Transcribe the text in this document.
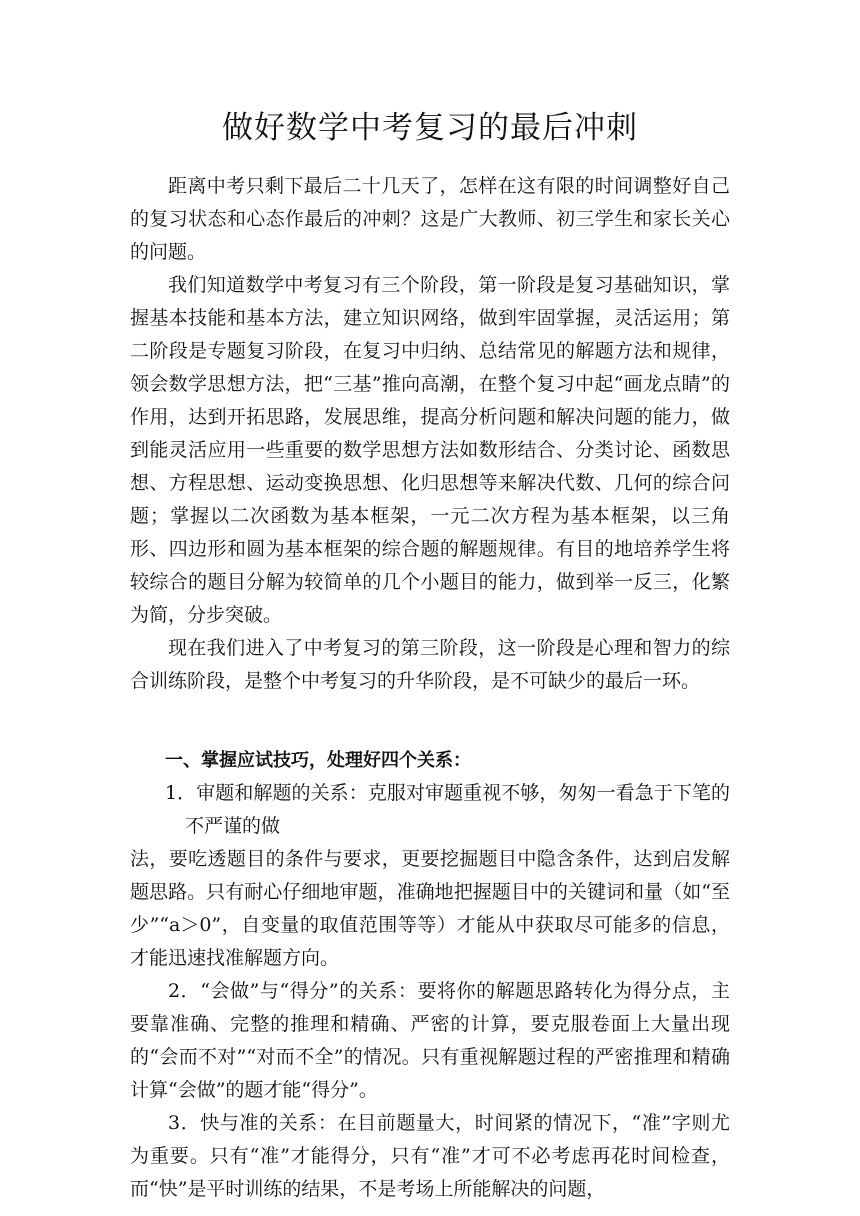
做好数学中考复习的最后冲刺

距离中考只剩下最后二十几天了，怎样在这有限的时间调整好自己的复习状态和心态作最后的冲刺？这是广大教师、初三学生和家长关心的问题。

我们知道数学中考复习有三个阶段，第一阶段是复习基础知识，掌握基本技能和基本方法，建立知识网络，做到牢固掌握，灵活运用；第二阶段是专题复习阶段，在复习中归纳、总结常见的解题方法和规律，领会数学思想方法，把“三基”推向高潮，在整个复习中起“画龙点睛”的作用，达到开拓思路，发展思维，提高分析问题和解决问题的能力，做到能灵活应用一些重要的数学思想方法如数形结合、分类讨论、函数思想、方程思想、运动变换思想、化归思想等来解决代数、几何的综合问题；掌握以二次函数为基本框架，一元二次方程为基本框架，以三角形、四边形和圆为基本框架的综合题的解题规律。有目的地培养学生将较综合的题目分解为较简单的几个小题目的能力，做到举一反三，化繁为简，分步突破。

现在我们进入了中考复习的第三阶段，这一阶段是心理和智力的综合训练阶段，是整个中考复习的升华阶段，是不可缺少的最后一环。

一、掌握应试技巧，处理好四个关系：

1．审题和解题的关系：克服对审题重视不够，匆匆一看急于下笔的不严谨的做

法，要吃透题目的条件与要求，更要挖掘题目中隐含条件，达到启发解题思路。只有耐心仔细地审题，准确地把握题目中的关键词和量（如“至少”“a＞0”，自变量的取值范围等等）才能从中获取尽可能多的信息，才能迅速找准解题方向。

2．“会做”与“得分”的关系：要将你的解题思路转化为得分点，主要靠准确、完整的推理和精确、严密的计算，要克服卷面上大量出现的“会而不对”“对而不全”的情况。只有重视解题过程的严密推理和精确计算“会做”的题才能“得分”。

3．快与准的关系：在目前题量大，时间紧的情况下，“准”字则尤为重要。只有“准”才能得分，只有“准”才可不必考虑再花时间检查，而“快”是平时训练的结果，不是考场上所能解决的问题，
